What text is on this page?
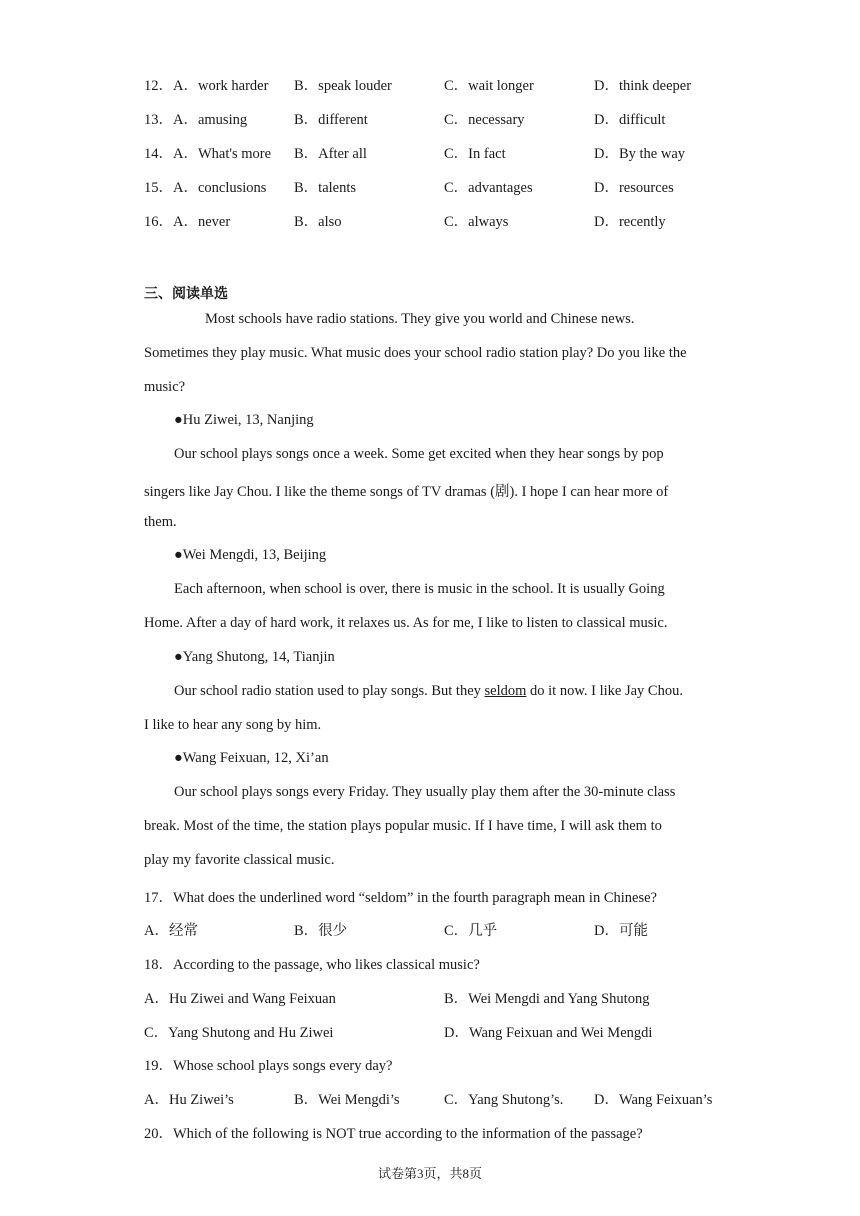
12．A．work harder B．speak louder	C．wait longer	D．think deeper
13．A．amusing	B．different	C．necessary	D．difficult
14．A．What's more B．After all	C．In fact	D．By the way
15．A．conclusions B．talents	C．advantages	D．resources
16．A．never	B．also	C．always	D．recently
三、阅读单选
Most schools have radio stations. They give you world and Chinese news.
Sometimes they play music. What music does your school radio station play? Do you like the
music?
●Hu Ziwei, 13, Nanjing
Our school plays songs once a week. Some get excited when they hear songs by pop
singers like Jay Chou. I like the theme songs of TV dramas (剧). I hope I can hear more of
them.
●Wei Mengdi, 13, Beijing
Each afternoon, when school is over, there is music in the school. It is usually Going
Home. After a day of hard work, it relaxes us. As for me, I like to listen to classical music.
●Yang Shutong, 14, Tianjin
Our school radio station used to play songs. But they seldom do it now. I like Jay Chou.
I like to hear any song by him.
●Wang Feixuan, 12, Xi’an
Our school plays songs every Friday. They usually play them after the 30-minute class
break. Most of the time, the station plays popular music. If I have time, I will ask them to
play my favorite classical music.
17．What does the underlined word “seldom” in the fourth paragraph mean in Chinese?
A．经常	B．很少	C．几乎	D．可能
18．According to the passage, who likes classical music?
A．Hu Ziwei and Wang Feixuan	B．Wei Mengdi and Yang Shutong
C．Yang Shutong and Hu Ziwei	D．Wang Feixuan and Wei Mengdi
19．Whose school plays songs every day?
A．Hu Ziwei’s	B．Wei Mengdi’s	C．Yang Shutong’s. D．Wang Feixuan’s
20．Which of the following is NOT true according to the information of the passage?
试卷第3页，共8页
